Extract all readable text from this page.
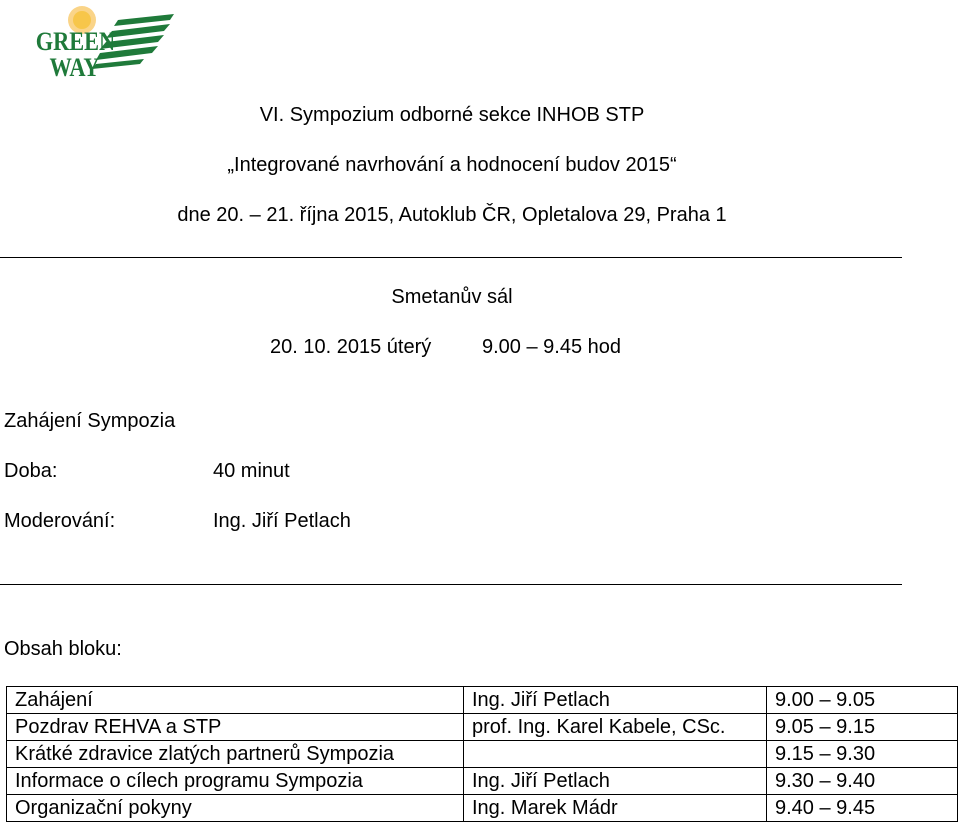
GREEN
WAY
VI. Sympozium odborné sekce INHOB STP
„Integrované navrhování a hodnocení budov 2015“
dne 20. – 21. října 2015, Autoklub ČR, Opletalova 29, Praha 1
Smetanův sál
20. 10. 2015 úterý	9.00 – 9.45 hod
Zahájení Sympozia
Doba:	40 minut
Moderování:	Ing. Jiří Petlach
Obsah bloku:
Zahájení	Ing. Jiří Petlach	9.00 – 9.05
Pozdrav REHVA a STP	prof. Ing. Karel Kabele, CSc.	9.05 – 9.15
Krátké zdravice zlatých partnerů Sympozia		9.15 – 9.30
Informace o cílech programu Sympozia	Ing. Jiří Petlach	9.30 – 9.40
Organizační pokyny	Ing. Marek Mádr	9.40 – 9.45
